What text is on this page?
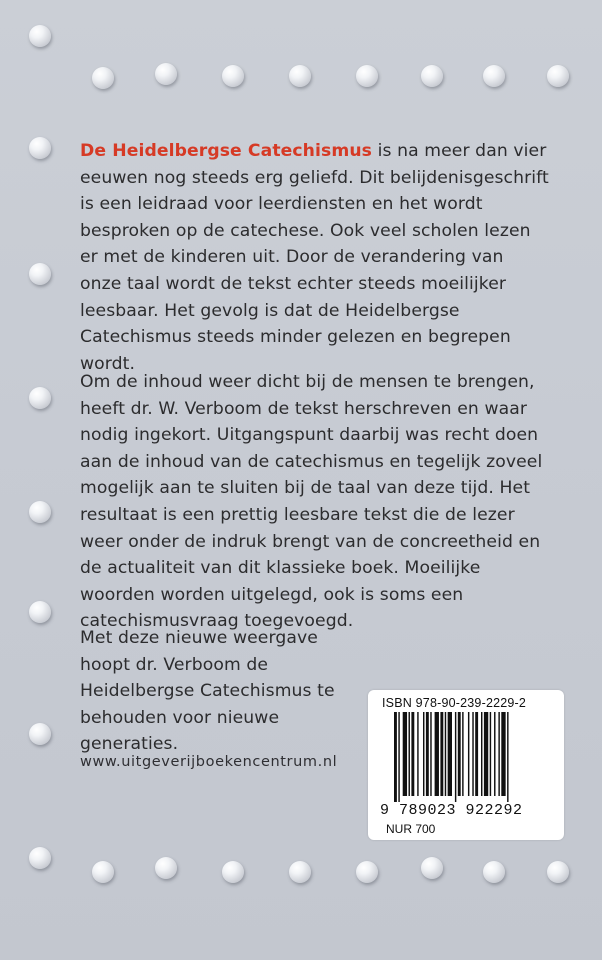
De Heidelbergse Catechismus is na meer dan vier eeuwen nog steeds erg geliefd. Dit belijdenisgeschrift is een leidraad voor leerdiensten en het wordt besproken op de catechese. Ook veel scholen lezen er met de kinderen uit. Door de verandering van onze taal wordt de tekst echter steeds moeilijker leesbaar. Het gevolg is dat de Heidelbergse Catechismus steeds minder gelezen en begrepen wordt.

Om de inhoud weer dicht bij de mensen te brengen, heeft dr. W. Verboom de tekst herschreven en waar nodig ingekort. Uitgangspunt daarbij was recht doen aan de inhoud van de catechismus en tegelijk zoveel mogelijk aan te sluiten bij de taal van deze tijd. Het resultaat is een prettig leesbare tekst die de lezer weer onder de indruk brengt van de concreetheid en de actualiteit van dit klassieke boek. Moeilijke woorden worden uitgelegd, ook is soms een catechismusvraag toegevoegd.

Met deze nieuwe weergave hoopt dr. Verboom de Heidelbergse Catechismus te behouden voor nieuwe generaties.

www.uitgeverijboekencentrum.nl
ISBN 978-90-239-2229-2
9 789023 922292
NUR 700
